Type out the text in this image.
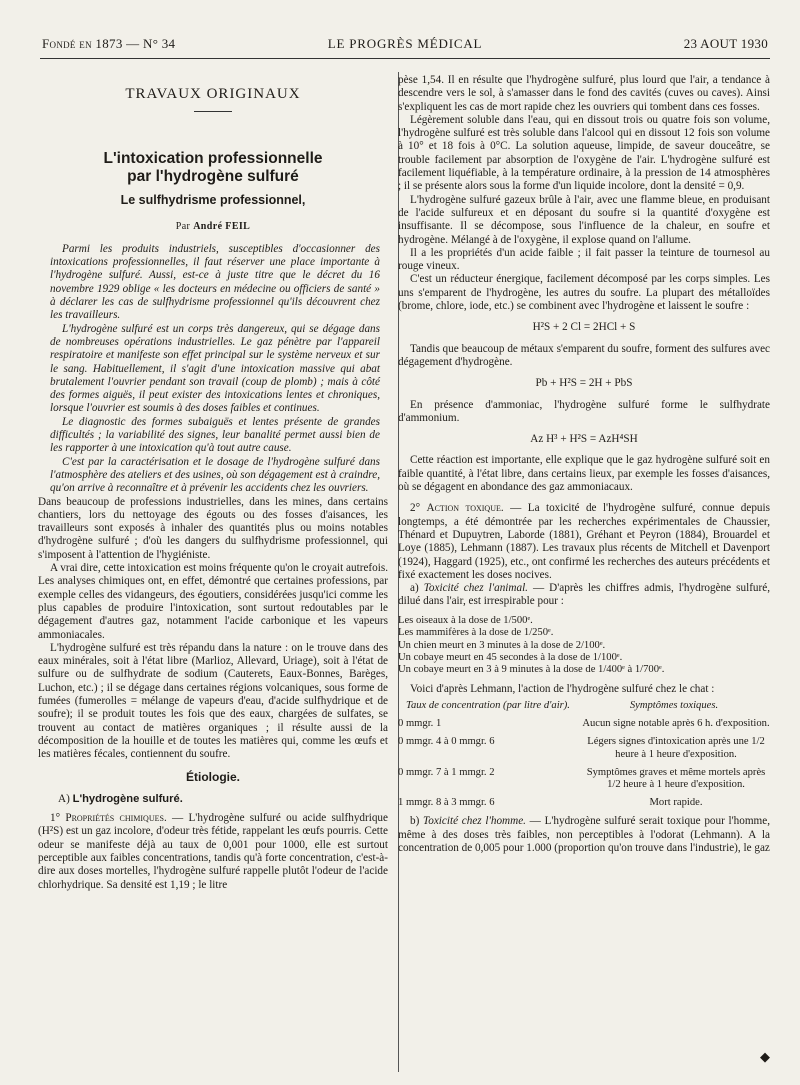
Fondé en 1873 — N° 34	LE PROGRÈS MÉDICAL	23 AOUT 1930
TRAVAUX ORIGINAUX
L'intoxication professionnelle
par l'hydrogène sulfuré
Le sulfhydrisme professionnel,
Par André FEIL

Parmi les produits industriels, susceptibles d'occasionner des intoxications professionnelles, il faut réserver une place importante à l'hydrogène sulfuré. Aussi, est-ce à juste titre que le décret du 16 novembre 1929 oblige « les docteurs en médecine ou officiers de santé » à déclarer les cas de sulfhydrisme professionnel qu'ils découvrent chez les travailleurs.

L'hydrogène sulfuré est un corps très dangereux, qui se dégage dans de nombreuses opérations industrielles. Le gaz pénètre par l'appareil respiratoire et manifeste son effet principal sur le système nerveux et sur le sang. Habituellement, il s'agit d'une intoxication massive qui abat brutalement l'ouvrier pendant son travail (coup de plomb) ; mais à côté des formes aiguës, il peut exister des intoxications lentes et chroniques, lorsque l'ouvrier est soumis à des doses faibles et continues.

Le diagnostic des formes subaiguës et lentes présente de grandes difficultés ; la variabilité des signes, leur banalité permet aussi bien de les rapporter à une intoxication qu'à tout autre cause.

C'est par la caractérisation et le dosage de l'hydrogène sulfuré dans l'atmosphère des ateliers et des usines, où son dégagement est à craindre, qu'on arrive à reconnaître et à prévenir les accidents chez les ouvriers.

Dans beaucoup de professions industrielles, dans les mines, dans certains chantiers, lors du nettoyage des égouts ou des fosses d'aisances, les travailleurs sont exposés à inhaler des quantités plus ou moins notables d'hydrogène sulfuré ; d'où les dangers du sulfhydrisme professionnel, qui s'imposent à l'attention de l'hygiéniste.

A vrai dire, cette intoxication est moins fréquente qu'on le croyait autrefois. Les analyses chimiques ont, en effet, démontré que certaines professions, par exemple celles des vidangeurs, des égoutiers, considérées jusqu'ici comme les plus capables de produire l'intoxication, sont surtout redoutables par le dégagement d'autres gaz, notamment l'acide carbonique et les vapeurs ammoniacales.

L'hydrogène sulfuré est très répandu dans la nature : on le trouve dans des eaux minérales, soit à l'état libre (Marlioz, Allevard, Uriage), soit à l'état de sulfure ou de sulfhydrate de sodium (Cauterets, Eaux-Bonnes, Barèges, Luchon, etc.) ; il se dégage dans certaines régions volcaniques, sous forme de fumées (fumerolles = mélange de vapeurs d'eau, d'acide sulfhydrique et de soufre); il se produit toutes les fois que des eaux, chargées de sulfates, se trouvent au contact de matières organiques ; il résulte aussi de la décomposition de la houille et de toutes les matières qui, comme les œufs et les matières fécales, contiennent du soufre.

Étiologie.
A) L'hydrogène sulfuré.

1° Propriétés chimiques. — L'hydrogène sulfuré ou acide sulfhydrique (H²S) est un gaz incolore, d'odeur très fétide, rappelant les œufs pourris. Cette odeur se manifeste déjà au taux de 0,001 pour 1000, elle est surtout perceptible aux faibles concentrations, tandis qu'à forte concentration, c'est-à-dire aux doses mortelles, l'hydrogène sulfuré rappelle plutôt l'odeur de l'acide chlorhydrique. Sa densité est 1,19 ; le litre

pèse 1,54. Il en résulte que l'hydrogène sulfuré, plus lourd que l'air, a tendance à descendre vers le sol, à s'amasser dans le fond des cavités (cuves ou caves). Ainsi s'expliquent les cas de mort rapide chez les ouvriers qui tombent dans ces fosses.

Légèrement soluble dans l'eau, qui en dissout trois ou quatre fois son volume, l'hydrogène sulfuré est très soluble dans l'alcool qui en dissout 12 fois son volume à 10° et 18 fois à 0°C. La solution aqueuse, limpide, de saveur douceâtre, se trouble facilement par absorption de l'oxygène de l'air. L'hydrogène sulfuré est facilement liquéfiable, à la température ordinaire, à la pression de 14 atmosphères ; il se présente alors sous la forme d'un liquide incolore, dont la densité = 0,9.

L'hydrogène sulfuré gazeux brûle à l'air, avec une flamme bleue, en produisant de l'acide sulfureux et en déposant du soufre si la quantité d'oxygène est insuffisante. Il se décompose, sous l'influence de la chaleur, en soufre et hydrogène. Mélangé à de l'oxygène, il explose quand on l'allume.

Il a les propriétés d'un acide faible ; il fait passer la teinture de tournesol au rouge vineux.

C'est un réducteur énergique, facilement décomposé par les corps simples. Les uns s'emparent de l'hydrogène, les autres du soufre. La plupart des métalloïdes (brome, chlore, iode, etc.) se combinent avec l'hydrogène et laissent le soufre :

H²S + 2 Cl = 2HCl + S

Tandis que beaucoup de métaux s'emparent du soufre, forment des sulfures avec dégagement d'hydrogène.

Pb + H²S = 2H + PbS

En présence d'ammoniac, l'hydrogène sulfuré forme le sulfhydrate d'ammonium.

Az H³ + H²S = AzH⁴SH

Cette réaction est importante, elle explique que le gaz hydrogène sulfuré soit en faible quantité, à l'état libre, dans certains lieux, par exemple les fosses d'aisances, où se dégagent en abondance des gaz ammoniacaux.

2° Action toxique. — La toxicité de l'hydrogène sulfuré, connue depuis longtemps, a été démontrée par les recherches expérimentales de Chaussier, Thénard et Dupuytren, Laborde (1881), Gréhant et Peyron (1884), Brouardel et Loye (1885), Lehmann (1887). Les travaux plus récents de Mitchell et Davenport (1924), Haggard (1925), etc., ont confirmé les recherches des auteurs précédents et fixé exactement les doses nocives.

a) Toxicité chez l'animal. — D'après les chiffres admis, l'hydrogène sulfuré, dilué dans l'air, est irrespirable pour :

Les oiseaux à la dose de 1/500ᵉ.
Les mammifères à la dose de 1/250ᵉ.
Un chien meurt en 3 minutes à la dose de 2/100ᵉ.
Un cobaye meurt en 45 secondes à la dose de 1/100ᵉ.
Un cobaye meurt en 3 à 9 minutes à la dose de 1/400ᵉ à 1/700ᵉ.

Voici d'après Lehmann, l'action de l'hydrogène sulfuré chez le chat :

Taux de concentration (par litre d'air).	Symptômes toxiques.
0 mmgr. 1	Aucun signe notable après 6 h. d'exposition.
0 mmgr. 4 à 0 mmgr. 6	Légers signes d'intoxication après une 1/2 heure à 1 heure d'exposition.
0 mmgr. 7 à 1 mmgr. 2	Symptômes graves et même mortels après 1/2 heure à 1 heure d'exposition.
1 mmgr. 8 à 3 mmgr. 6	Mort rapide.

b) Toxicité chez l'homme. — L'hydrogène sulfuré serait toxique pour l'homme, même à des doses très faibles, non perceptibles à l'odorat (Lehmann). A la concentration de 0,005 pour 1.000 (proportion qu'on trouve dans l'industrie), le gaz

◆
